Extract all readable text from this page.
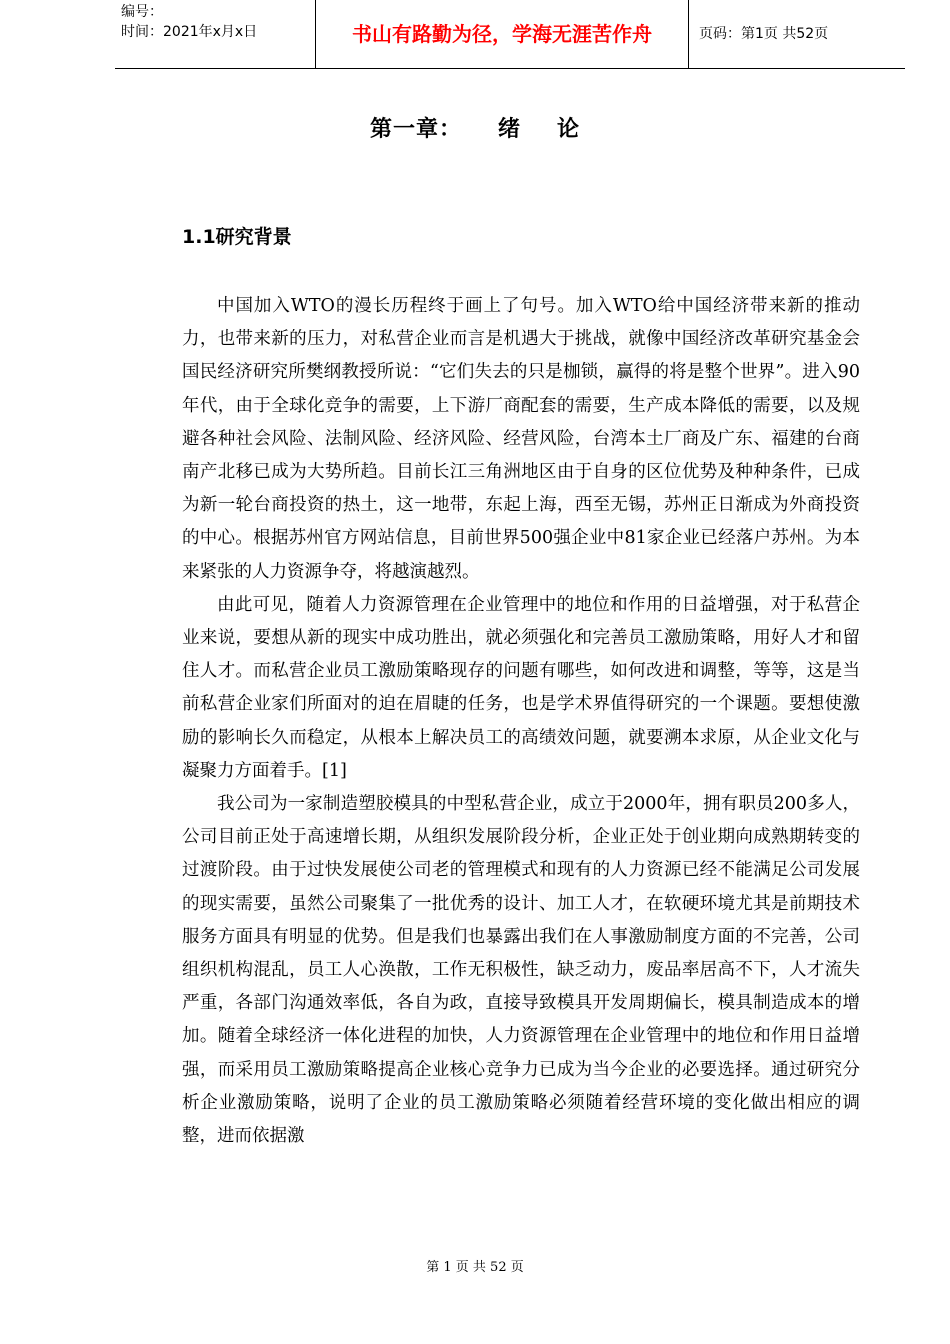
编号：
时间：2021年x月x日	书山有路勤为径，学海无涯苦作舟	页码：第1页 共52页
第一章： 绪 论
1.1研究背景

中国加入WTO的漫长历程终于画上了句号。加入WTO给中国经济带来新的推动力，也带来新的压力，对私营企业而言是机遇大于挑战，就像中国经济改革研究基金会国民经济研究所樊纲教授所说：“它们失去的只是枷锁，赢得的将是整个世界”。进入90年代，由于全球化竞争的需要，上下游厂商配套的需要，生产成本降低的需要，以及规避各种社会风险、法制风险、经济风险、经营风险，台湾本土厂商及广东、福建的台商南产北移已成为大势所趋。目前长江三角洲地区由于自身的区位优势及种种条件，已成为新一轮台商投资的热土，这一地带，东起上海，西至无锡，苏州正日渐成为外商投资的中心。根据苏州官方网站信息，目前世界500强企业中81家企业已经落户苏州。为本来紧张的人力资源争夺，将越演越烈。

由此可见，随着人力资源管理在企业管理中的地位和作用的日益增强，对于私营企业来说，要想从新的现实中成功胜出，就必须强化和完善员工激励策略，用好人才和留住人才。而私营企业员工激励策略现存的问题有哪些，如何改进和调整，等等，这是当前私营企业家们所面对的迫在眉睫的任务，也是学术界值得研究的一个课题。要想使激励的影响长久而稳定，从根本上解决员工的高绩效问题，就要溯本求原，从企业文化与凝聚力方面着手。[1]

我公司为一家制造塑胶模具的中型私营企业，成立于2000年，拥有职员200多人， 公司目前正处于高速增长期，从组织发展阶段分析，企业正处于创业期向成熟期转变的过渡阶段。由于过快发展使公司老的管理模式和现有的人力资源已经不能满足公司发展的现实需要，虽然公司聚集了一批优秀的设计、加工人才，在软硬环境尤其是前期技术服务方面具有明显的优势。但是我们也暴露出我们在人事激励制度方面的不完善，公司组织机构混乱，员工人心涣散，工作无积极性，缺乏动力，废品率居高不下，人才流失严重，各部门沟通效率低，各自为政，直接导致模具开发周期偏长，模具制造成本的增加。随着全球经济一体化进程的加快，人力资源管理在企业管理中的地位和作用日益增强，而采用员工激励策略提高企业核心竞争力已成为当今企业的必要选择。通过研究分析企业激励策略，说明了企业的员工激励策略必须随着经营环境的变化做出相应的调整，进而依据激

第 1 页 共 52 页
